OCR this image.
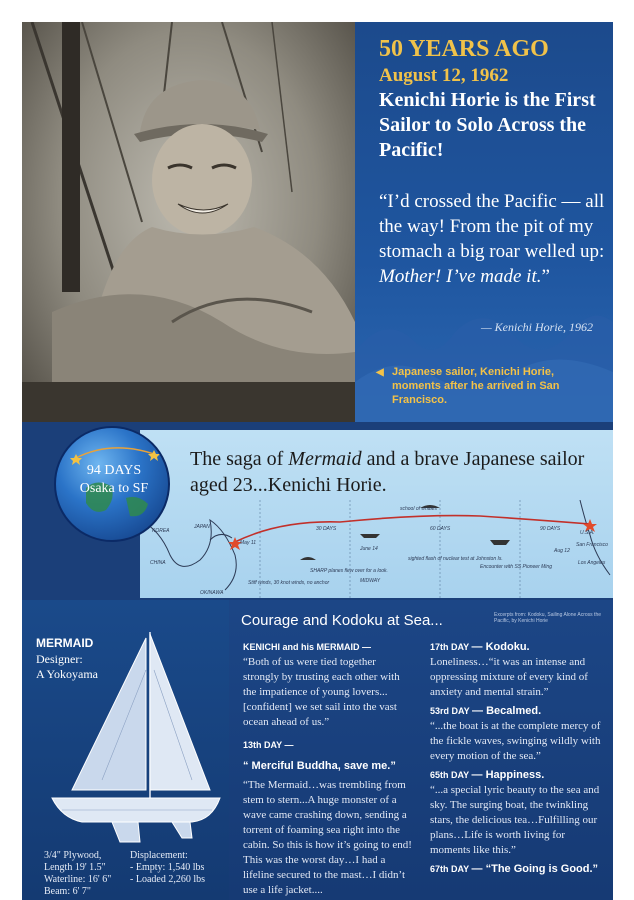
50 YEARS AGO
August 12, 1962
Kenichi Horie is the First Sailor to Solo Across the Pacific!
“I’d crossed the Pacific — all the way! From the pit of my stomach a big roar welled up: Mother! I’ve made it.”
— Kenichi Horie, 1962
◀ Japanese sailor, Kenichi Horie, moments after he arrived in San Francisco.
The saga of Mermaid and a brave Japanese sailor aged 23...Kenichi Horie.
KOREA
JAPAN
CHINA
OKINAWA
May 11
Stiff winds, 30 knot winds, no anchor
school of whales
30 DAYS	60 DAYS	90 DAYS
June 14
sighted flash of nuclear test at Johnston Is.
SHARP planes flew over for a look.
MIDWAY
Encounter with SS Pioneer Ming
U.S.A.
San Francisco
Los Angeles
Aug 12
94 DAYS
Osaka to SF
MERMAID
Designer:
A Yokoyama
3/4" Plywood,
Length 19' 1.5"
Waterline: 16' 6"
Beam: 6' 7"
Displacement:
- Empty: 1,540 lbs
- Loaded 2,260 lbs
Courage and Kodoku at Sea...	Excerpts from: Kodoku, Sailing Alone Across the Pacific, by Kenichi Horie
KENICHI and his MERMAID —
“Both of us were tied together strongly by trusting each other with the impatience of young lovers... [confident] we set sail into the vast ocean ahead of us.”
13th DAY —
“ Merciful Buddha, save me.”
“The Mermaid…was trembling from stem to stern...A huge monster of a wave came crashing down, sending a torrent of foaming sea right into the cabin. So this is how it’s going to end! This was the worst day…I had a lifeline secured to the mast…I didn’t use a life jacket....
17th DAY — Kodoku.
Loneliness…“it was an intense and oppressing mixture of every kind of anxiety and mental strain.”
53rd DAY — Becalmed.
“...the boat is at the complete mercy of the fickle waves, swinging wildly with every motion of the sea.”
65th DAY — Happiness.
“...a special lyric beauty to the sea and sky. The surging boat, the twinkling stars, the delicious tea…Fulfilling our plans…Life is worth living for moments like this.”
67th DAY — “The Going is Good.”
